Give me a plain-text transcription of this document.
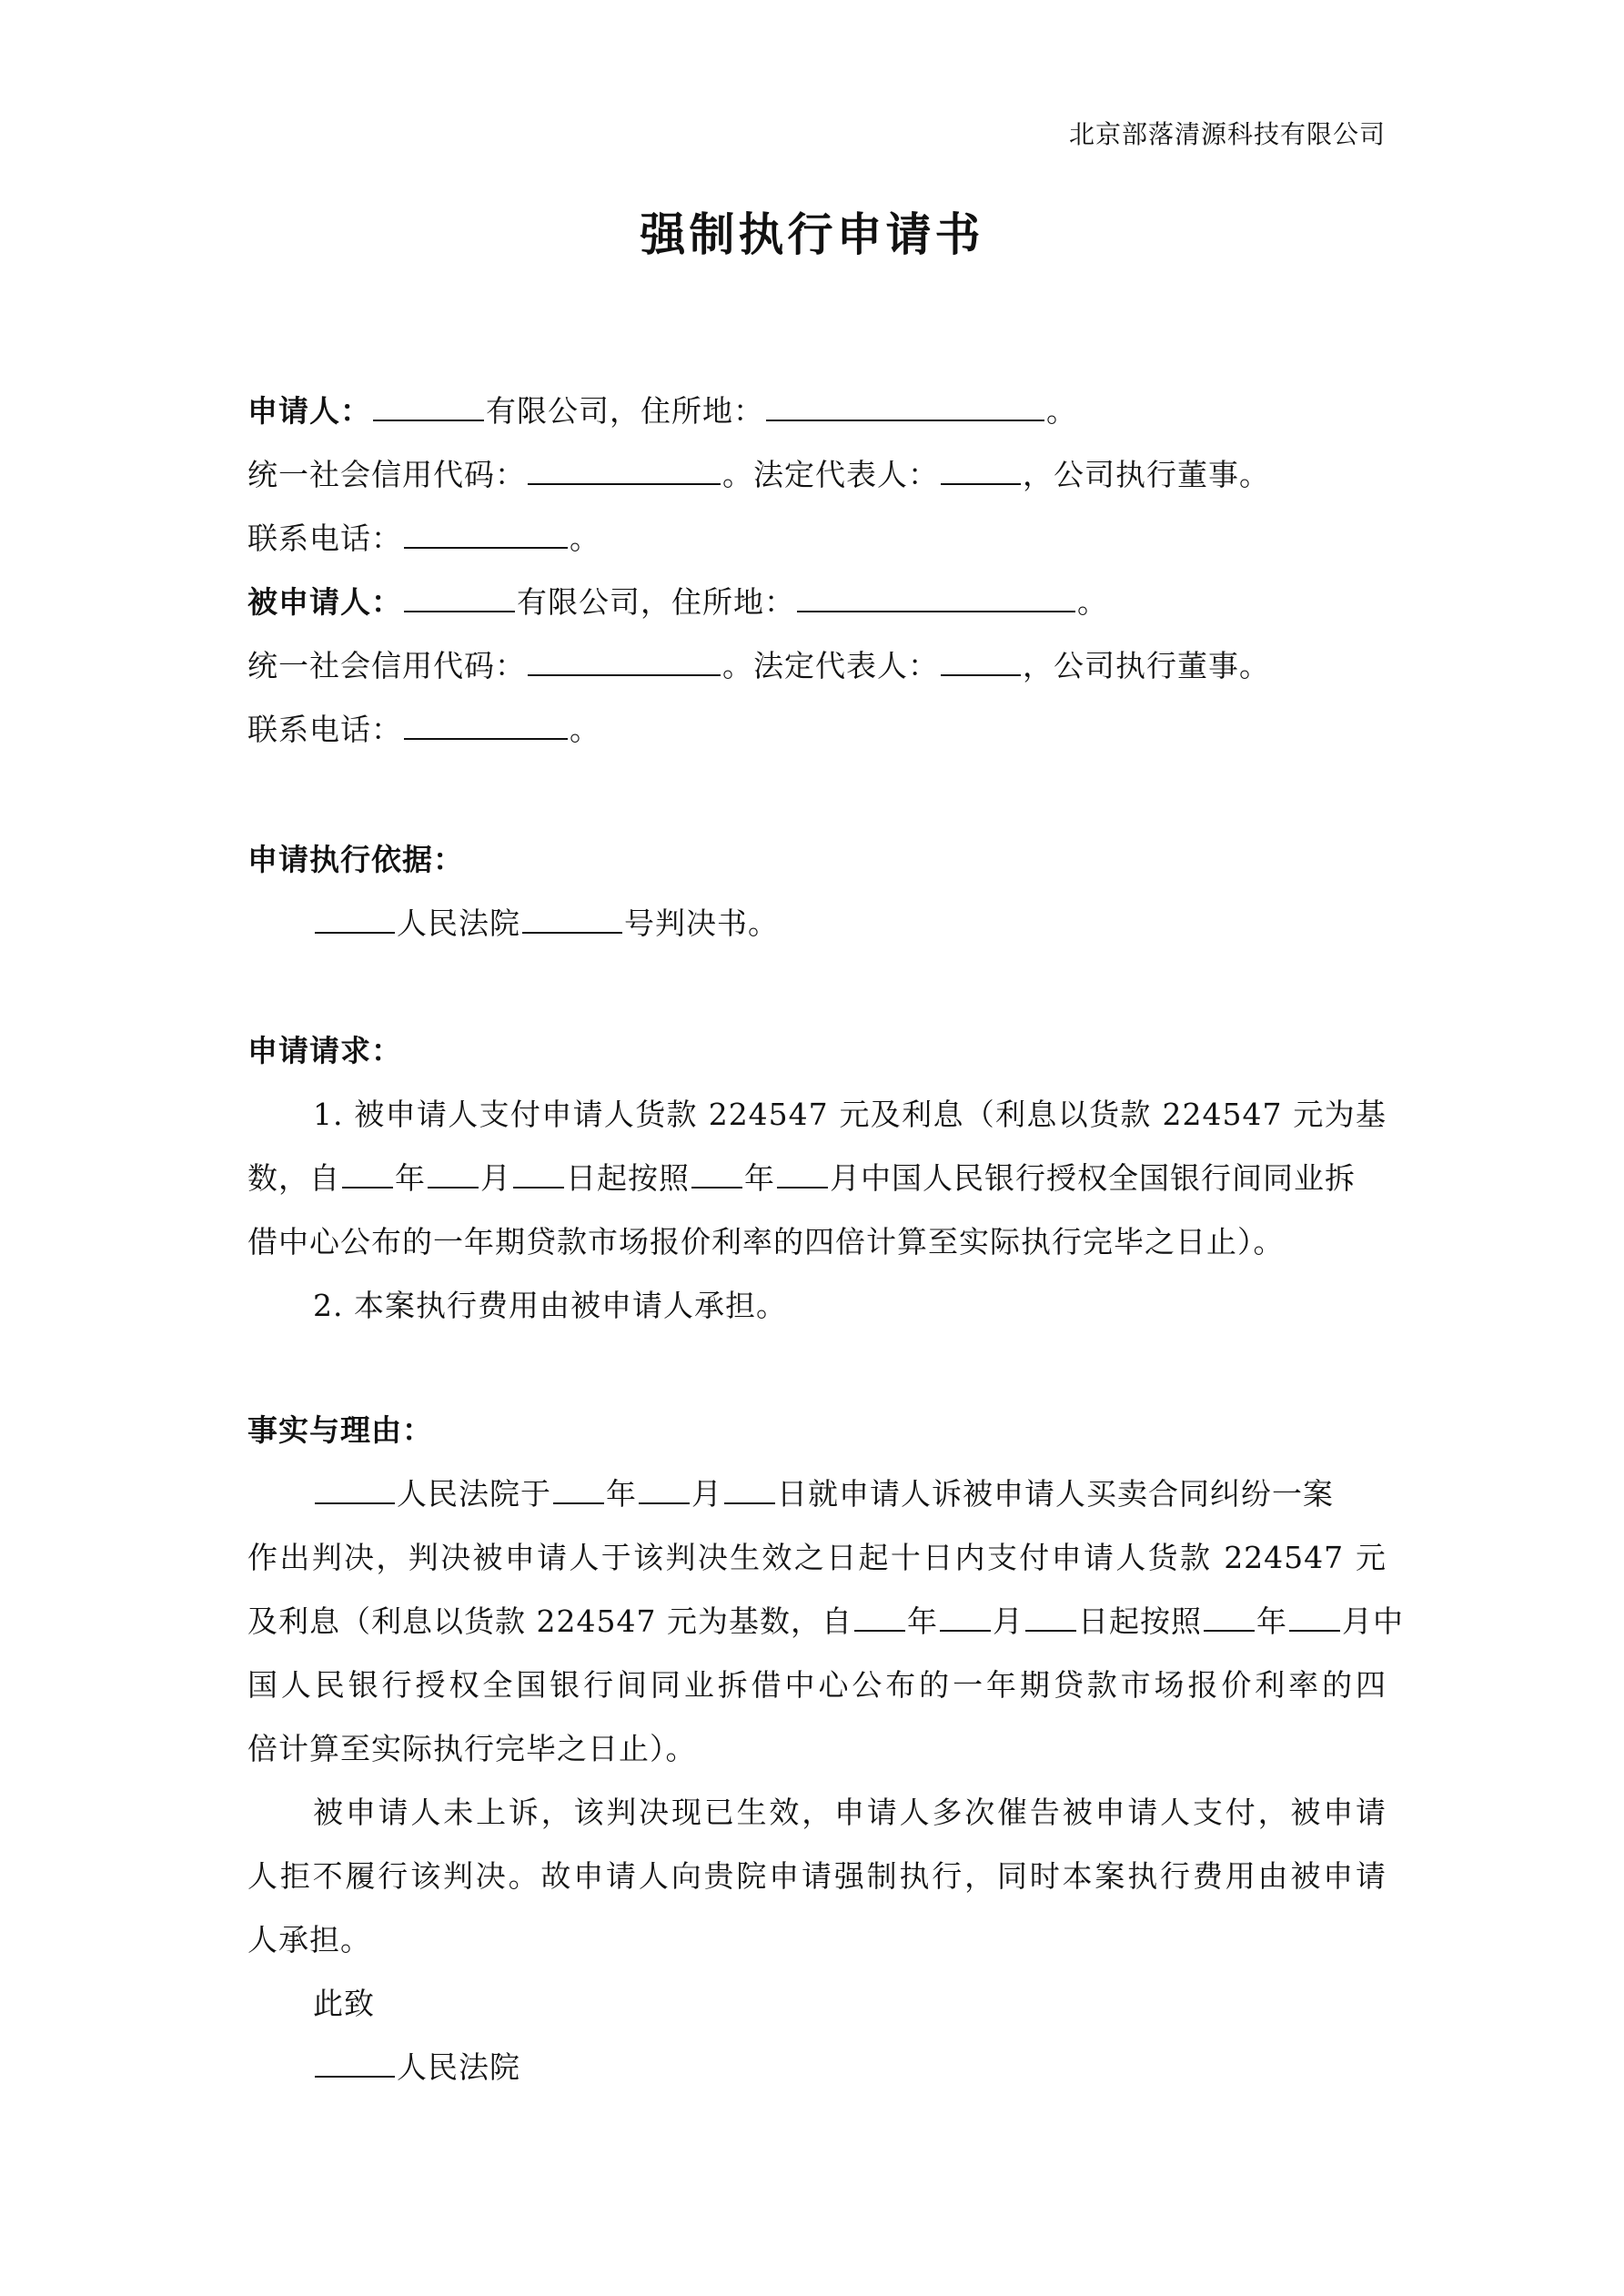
北京部落清源科技有限公司
强制执行申请书
申请人：	有限公司，住所地：	。
统一社会信用代码：	。法定代表人：	，公司执行董事。
联系电话：	。
被申请人：	有限公司，住所地：	。
统一社会信用代码：	。法定代表人：	，公司执行董事。
联系电话：	。
申请执行依据：
人民法院	号判决书。
申请请求：
1. 被申请人支付申请人货款 224547 元及利息（利息以货款 224547 元为基
数，自 年 月 日起按照 年 月中国人民银行授权全国银行间同业拆
借中心公布的一年期贷款市场报价利率的四倍计算至实际执行完毕之日止）。
2. 本案执行费用由被申请人承担。
事实与理由：
人民法院于 年 月 日就申请人诉被申请人买卖合同纠纷一案
作出判决，判决被申请人于该判决生效之日起十日内支付申请人货款 224547 元
及利息（利息以货款 224547 元为基数，自 年 月 日起按照 年 月中
国人民银行授权全国银行间同业拆借中心公布的一年期贷款市场报价利率的四
倍计算至实际执行完毕之日止）。
被申请人未上诉，该判决现已生效，申请人多次催告被申请人支付，被申请
人拒不履行该判决。故申请人向贵院申请强制执行，同时本案执行费用由被申请
人承担。
此致
人民法院
